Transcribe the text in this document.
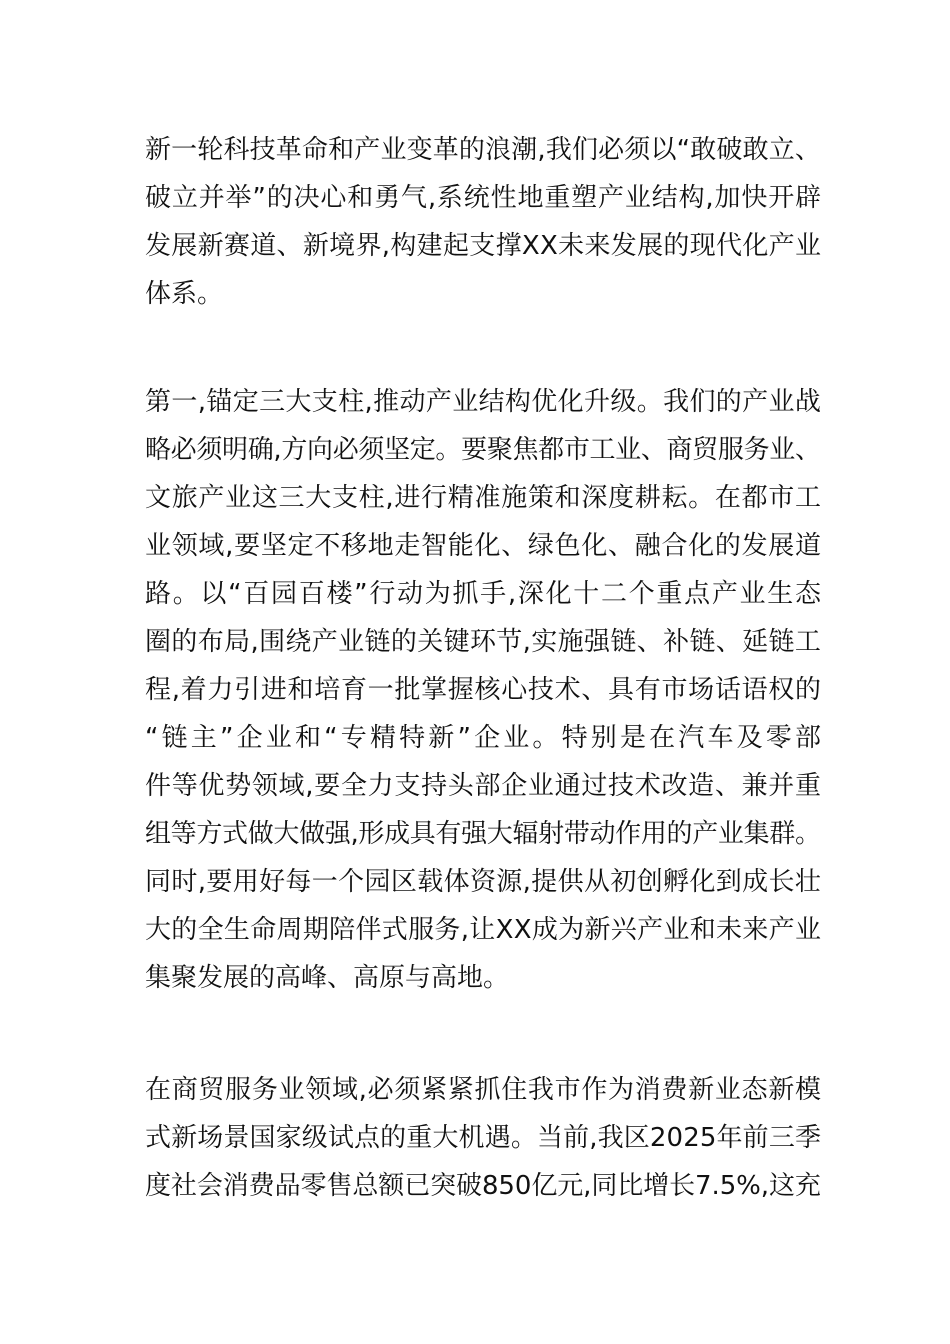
新一轮科技革命和产业变革的浪潮,我们必须以“敢破敢立、
破立并举”的决心和勇气,系统性地重塑产业结构,加快开辟
发展新赛道、新境界,构建起支撑XX未来发展的现代化产业
体系。
第一,锚定三大支柱,推动产业结构优化升级。我们的产业战
略必须明确,方向必须坚定。要聚焦都市工业、商贸服务业、
文旅产业这三大支柱,进行精准施策和深度耕耘。在都市工
业领域,要坚定不移地走智能化、绿色化、融合化的发展道
路。以“百园百楼”行动为抓手,深化十二个重点产业生态
圈的布局,围绕产业链的关键环节,实施强链、补链、延链工
程,着力引进和培育一批掌握核心技术、具有市场话语权的
“链主”企业和“专精特新”企业。特别是在汽车及零部
件等优势领域,要全力支持头部企业通过技术改造、兼并重
组等方式做大做强,形成具有强大辐射带动作用的产业集群。
同时,要用好每一个园区载体资源,提供从初创孵化到成长壮
大的全生命周期陪伴式服务,让XX成为新兴产业和未来产业
集聚发展的高峰、高原与高地。
在商贸服务业领域,必须紧紧抓住我市作为消费新业态新模
式新场景国家级试点的重大机遇。当前,我区2025年前三季
度社会消费品零售总额已突破850亿元,同比增长7.5%,这充
